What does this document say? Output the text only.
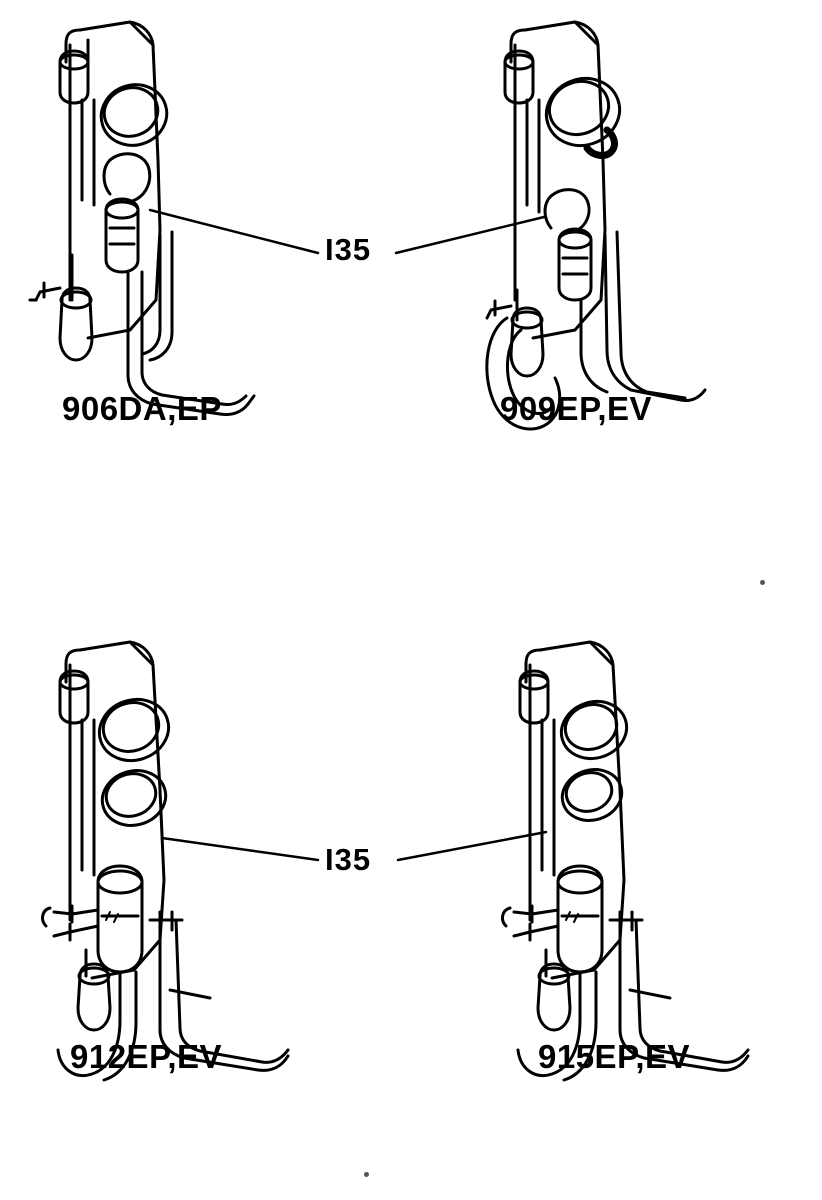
906DA,EP
I35
909EP,EV
912EP,EV
I35
915EP,EV
